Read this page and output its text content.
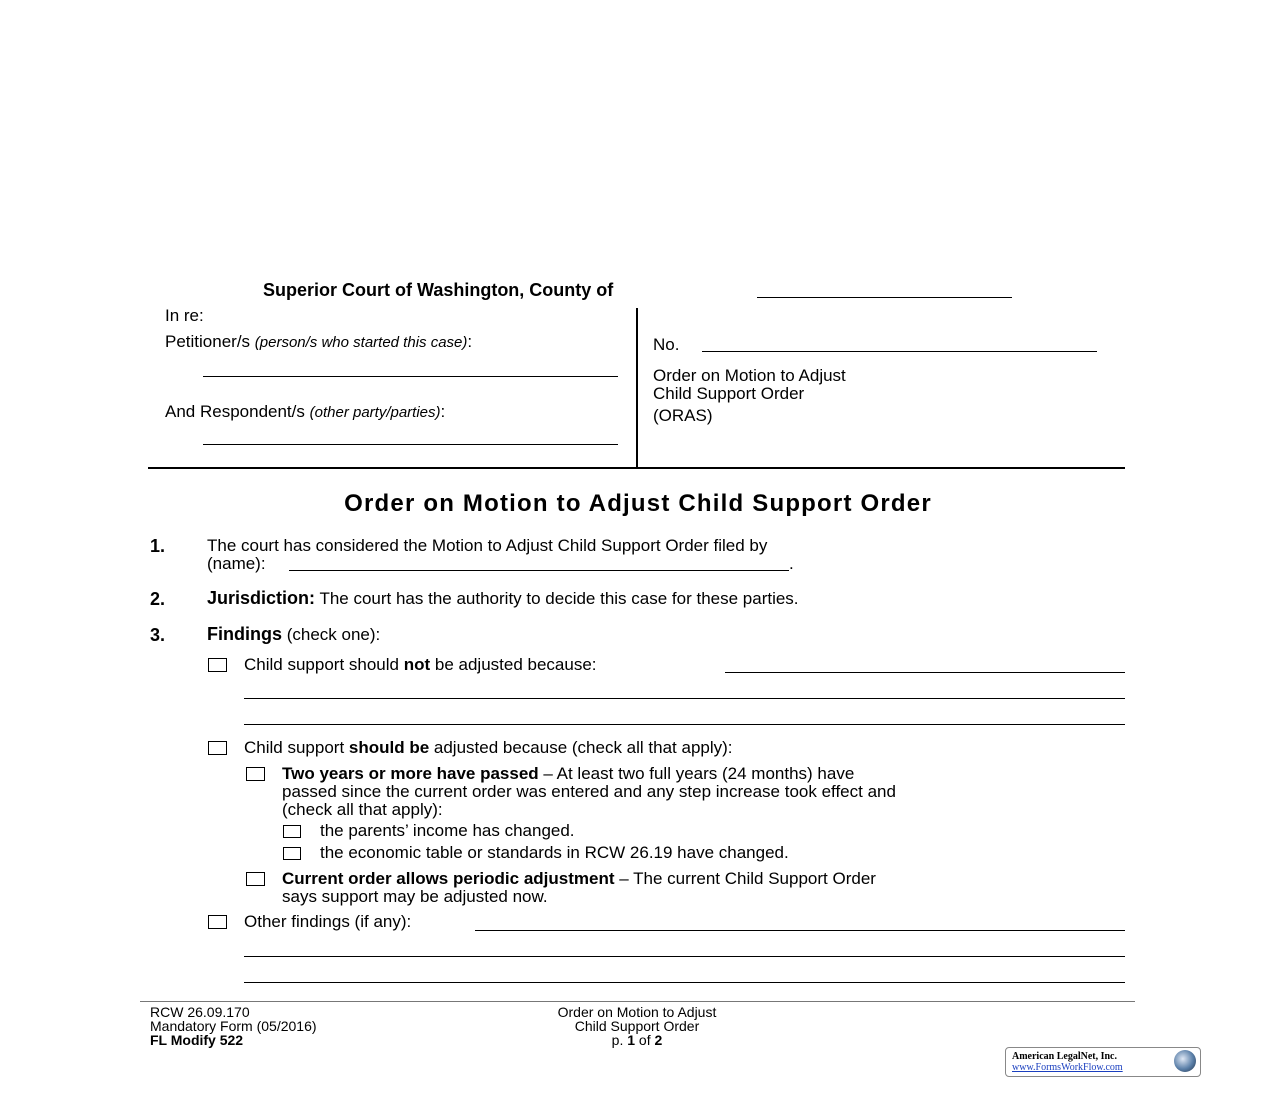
Superior Court of Washington, County of
In re:
Petitioner/s (person/s who started this case):
And Respondent/s (other party/parties):
No.
Order on Motion to Adjust
Child Support Order
(ORAS)
Order on Motion to Adjust Child Support Order
1. The court has considered the Motion to Adjust Child Support Order filed by
(name):	.
2. Jurisdiction: The court has the authority to decide this case for these parties.
3. Findings (check one):
Child support should not be adjusted because:
Child support should be adjusted because (check all that apply):
Two years or more have passed – At least two full years (24 months) have
passed since the current order was entered and any step increase took effect and
(check all that apply):
the parents’ income has changed.
the economic table or standards in RCW 26.19 have changed.
Current order allows periodic adjustment – The current Child Support Order
says support may be adjusted now.
Other findings (if any):
RCW 26.09.170
Mandatory Form (05/2016)
FL Modify 522
Order on Motion to Adjust
Child Support Order
p. 1 of 2
American LegalNet, Inc.
www.FormsWorkFlow.com
